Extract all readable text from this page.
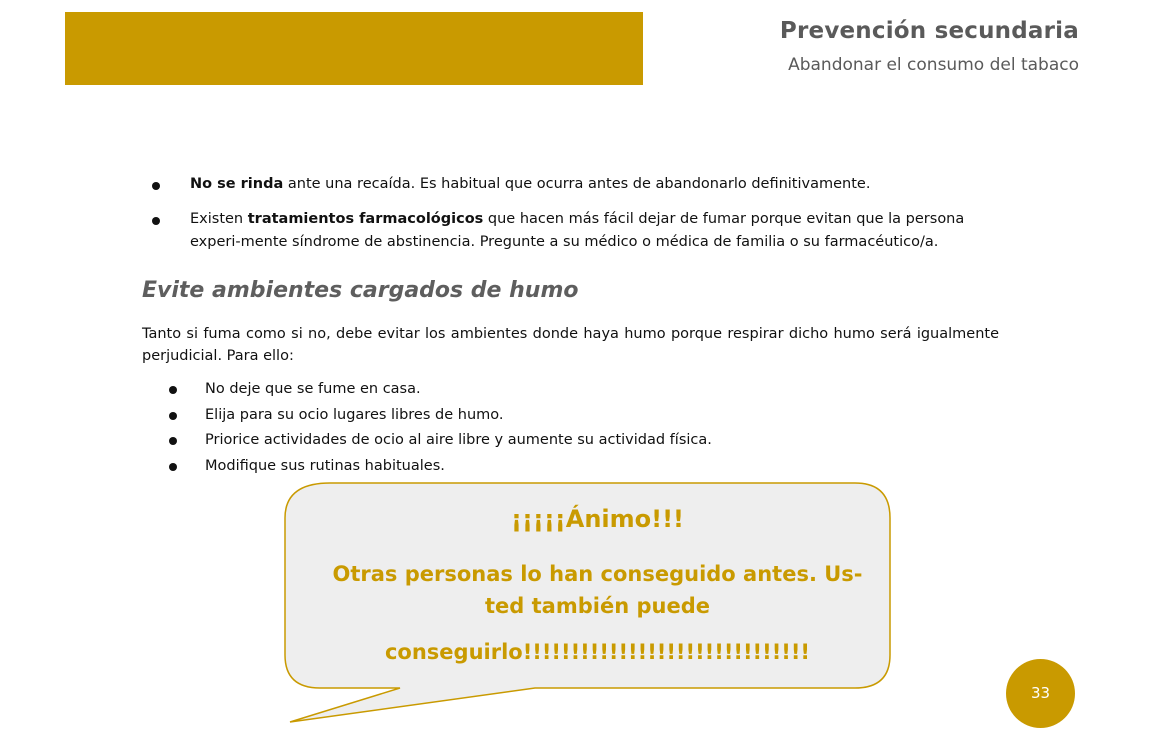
Prevención secundaria
Abandonar el consumo del tabaco
No se rinda ante una recaída. Es habitual que ocurra antes de abandonarlo definitivamente.
Existen tratamientos farmacológicos que hacen más fácil dejar de fumar porque evitan que la persona experi-mente síndrome de abstinencia. Pregunte a su médico o médica de familia o su farmacéutico/a.
Evite ambientes cargados de humo
Tanto si fuma como si no, debe evitar los ambientes donde haya humo porque respirar dicho humo será igualmente perjudicial. Para ello:
No deje que se fume en casa.
Elija para su ocio lugares libres de humo.
Priorice actividades de ocio al aire libre y aumente su actividad física.
Modifique sus rutinas habituales.
¡¡¡¡¡Ánimo!!!
Otras personas lo han conseguido antes. Us-ted también puede
conseguirlo!!!!!!!!!!!!!!!!!!!!!!!!!!!!!!
33
